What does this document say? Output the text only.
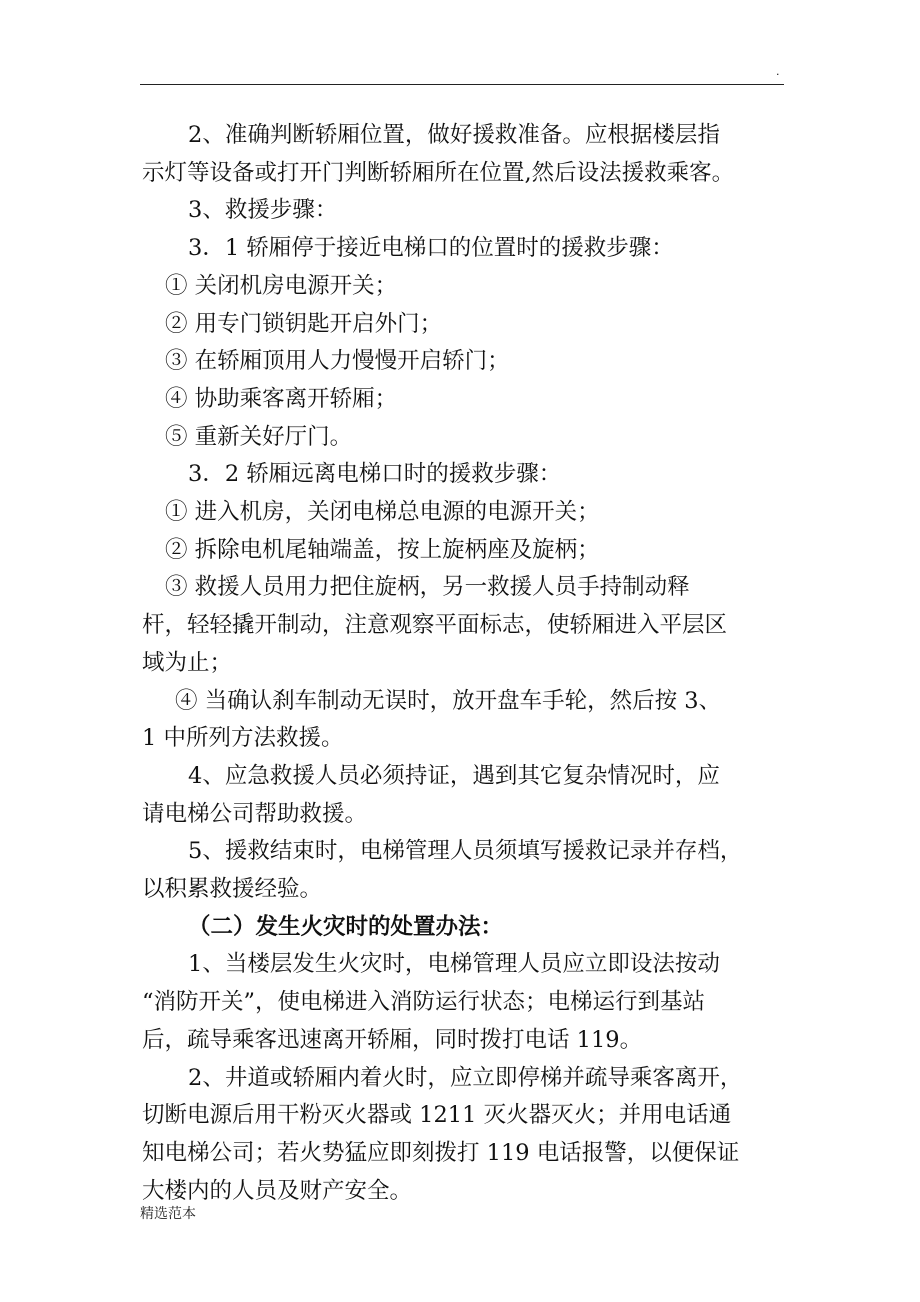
.
2、准确判断轿厢位置，做好援救准备。应根据楼层指
示灯等设备或打开门判断轿厢所在位置,然后设法援救乘客。
3、救援步骤：
3．1 轿厢停于接近电梯口的位置时的援救步骤：
① 关闭机房电源开关；
② 用专门锁钥匙开启外门；
③ 在轿厢顶用人力慢慢开启轿门；
④ 协助乘客离开轿厢；
⑤ 重新关好厅门。
3．2 轿厢远离电梯口时的援救步骤：
① 进入机房，关闭电梯总电源的电源开关；
② 拆除电机尾轴端盖，按上旋柄座及旋柄；
③ 救援人员用力把住旋柄，另一救援人员手持制动释
杆，轻轻撬开制动，注意观察平面标志，使轿厢进入平层区
域为止；
④ 当确认刹车制动无误时，放开盘车手轮，然后按 3、
1 中所列方法救援。
4、应急救援人员必须持证，遇到其它复杂情况时，应
请电梯公司帮助救援。
5、援救结束时，电梯管理人员须填写援救记录并存档，
以积累救援经验。
（二）发生火灾时的处置办法：
1、当楼层发生火灾时，电梯管理人员应立即设法按动
“消防开关”，使电梯进入消防运行状态；电梯运行到基站
后，疏导乘客迅速离开轿厢，同时拨打电话 119。
2、井道或轿厢内着火时，应立即停梯并疏导乘客离开，
切断电源后用干粉灭火器或 1211 灭火器灭火；并用电话通
知电梯公司；若火势猛应即刻拨打 119 电话报警，以便保证
大楼内的人员及财产安全。
精选范本
